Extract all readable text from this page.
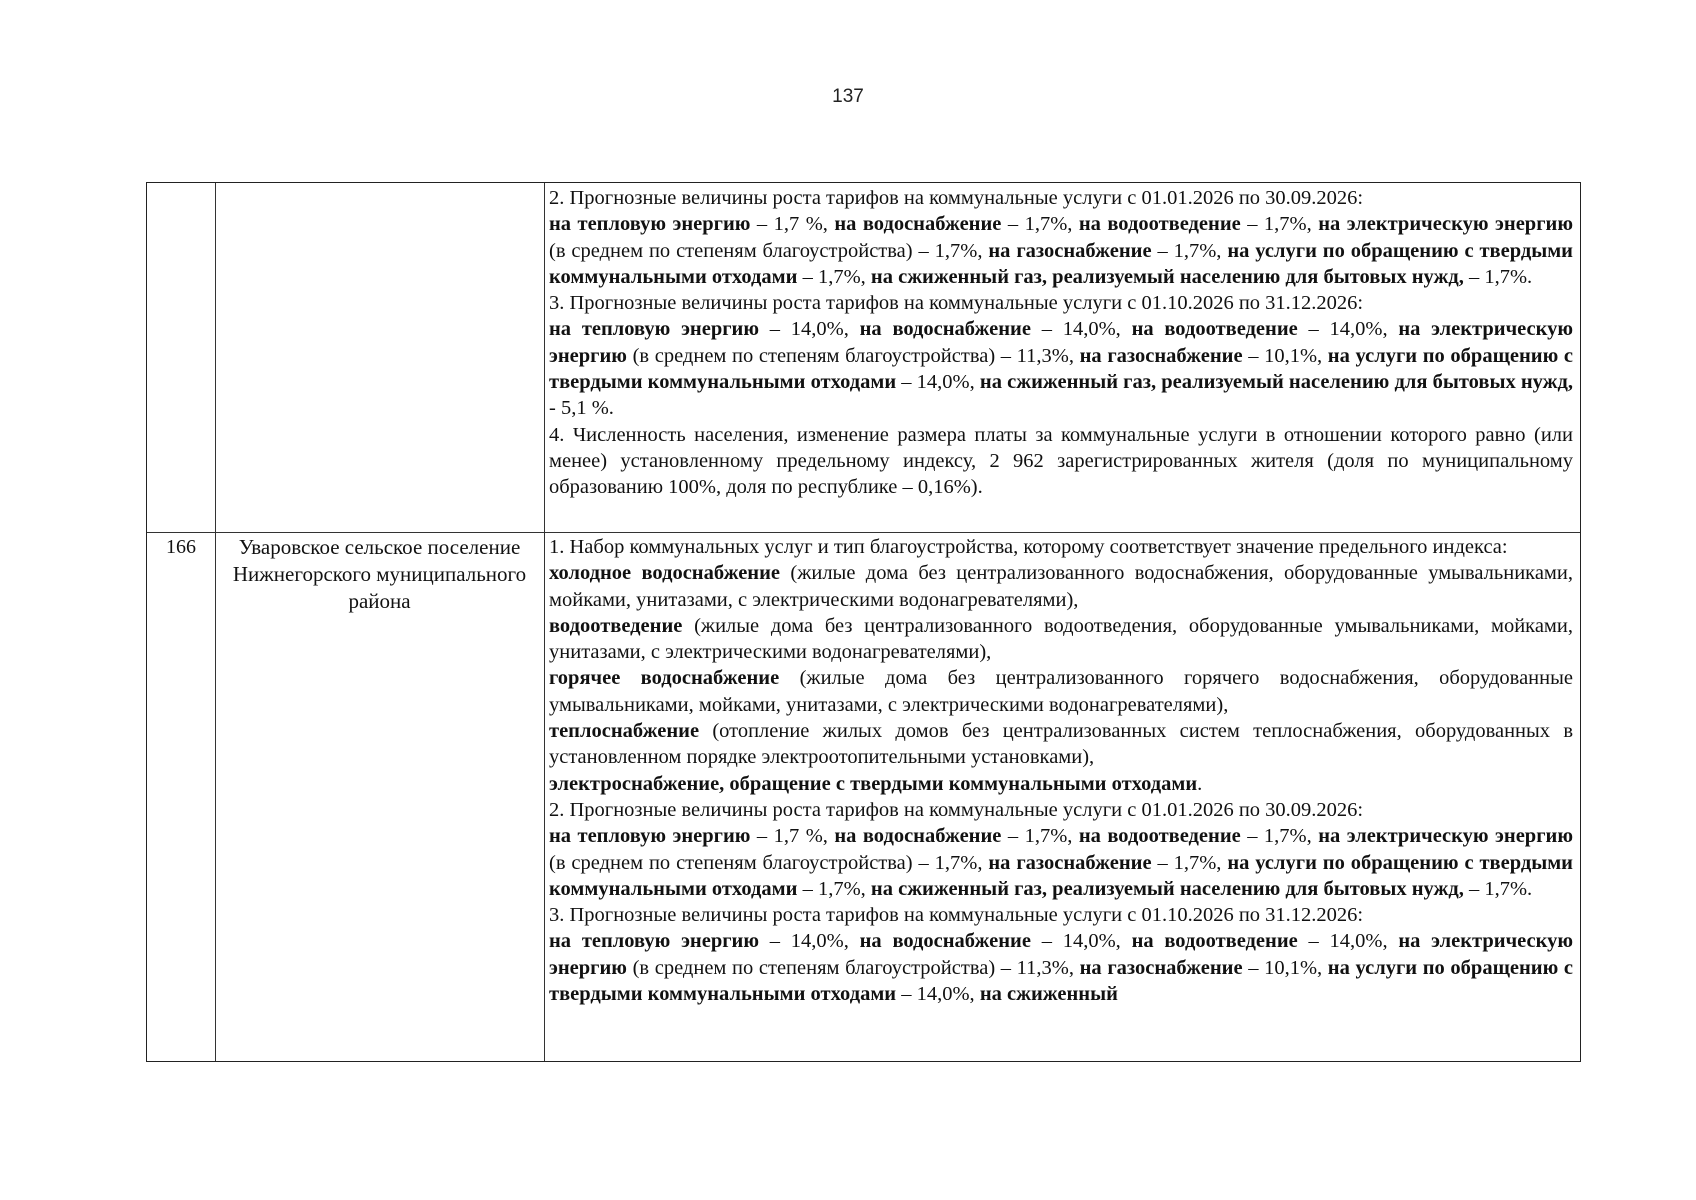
137
2. Прогнозные величины роста тарифов на коммунальные услуги с 01.01.2026 по 30.09.2026:
на тепловую энергию – 1,7 %, на водоснабжение – 1,7%, на водоотведение – 1,7%, на электрическую энергию (в среднем по степеням благоустройства) – 1,7%, на газоснабжение – 1,7%, на услуги по обращению с твердыми коммунальными отходами – 1,7%, на сжиженный газ, реализуемый населению для бытовых нужд, – 1,7%.
3. Прогнозные величины роста тарифов на коммунальные услуги с 01.10.2026 по 31.12.2026:
на тепловую энергию – 14,0%, на водоснабжение – 14,0%, на водоотведение – 14,0%, на электрическую энергию (в среднем по степеням благоустройства) – 11,3%, на газоснабжение – 10,1%, на услуги по обращению с твердыми коммунальными отходами – 14,0%, на сжиженный газ, реализуемый населению для бытовых нужд, - 5,1 %.
4. Численность населения, изменение размера платы за коммунальные услуги в отношении которого равно (или менее) установленному предельному индексу, 2 962 зарегистрированных жителя (доля по муниципальному образованию 100%, доля по республике – 0,16%).
166	Уваровское сельское поселение Нижнегорского муниципального района
1. Набор коммунальных услуг и тип благоустройства, которому соответствует значение предельного индекса:
холодное водоснабжение (жилые дома без централизованного водоснабжения, оборудованные умывальниками, мойками, унитазами, с электрическими водонагревателями),
водоотведение (жилые дома без централизованного водоотведения, оборудованные умывальниками, мойками, унитазами, с электрическими водонагревателями),
горячее водоснабжение (жилые дома без централизованного горячего водоснабжения, оборудованные умывальниками, мойками, унитазами, с электрическими водонагревателями),
теплоснабжение (отопление жилых домов без централизованных систем теплоснабжения, оборудованных в установленном порядке электроотопительными установками),
электроснабжение, обращение с твердыми коммунальными отходами.
2. Прогнозные величины роста тарифов на коммунальные услуги с 01.01.2026 по 30.09.2026:
на тепловую энергию – 1,7 %, на водоснабжение – 1,7%, на водоотведение – 1,7%, на электрическую энергию (в среднем по степеням благоустройства) – 1,7%, на газоснабжение – 1,7%, на услуги по обращению с твердыми коммунальными отходами – 1,7%, на сжиженный газ, реализуемый населению для бытовых нужд, – 1,7%.
3. Прогнозные величины роста тарифов на коммунальные услуги с 01.10.2026 по 31.12.2026:
на тепловую энергию – 14,0%, на водоснабжение – 14,0%, на водоотведение – 14,0%, на электрическую энергию (в среднем по степеням благоустройства) – 11,3%, на газоснабжение – 10,1%, на услуги по обращению с твердыми коммунальными отходами – 14,0%, на сжиженный
